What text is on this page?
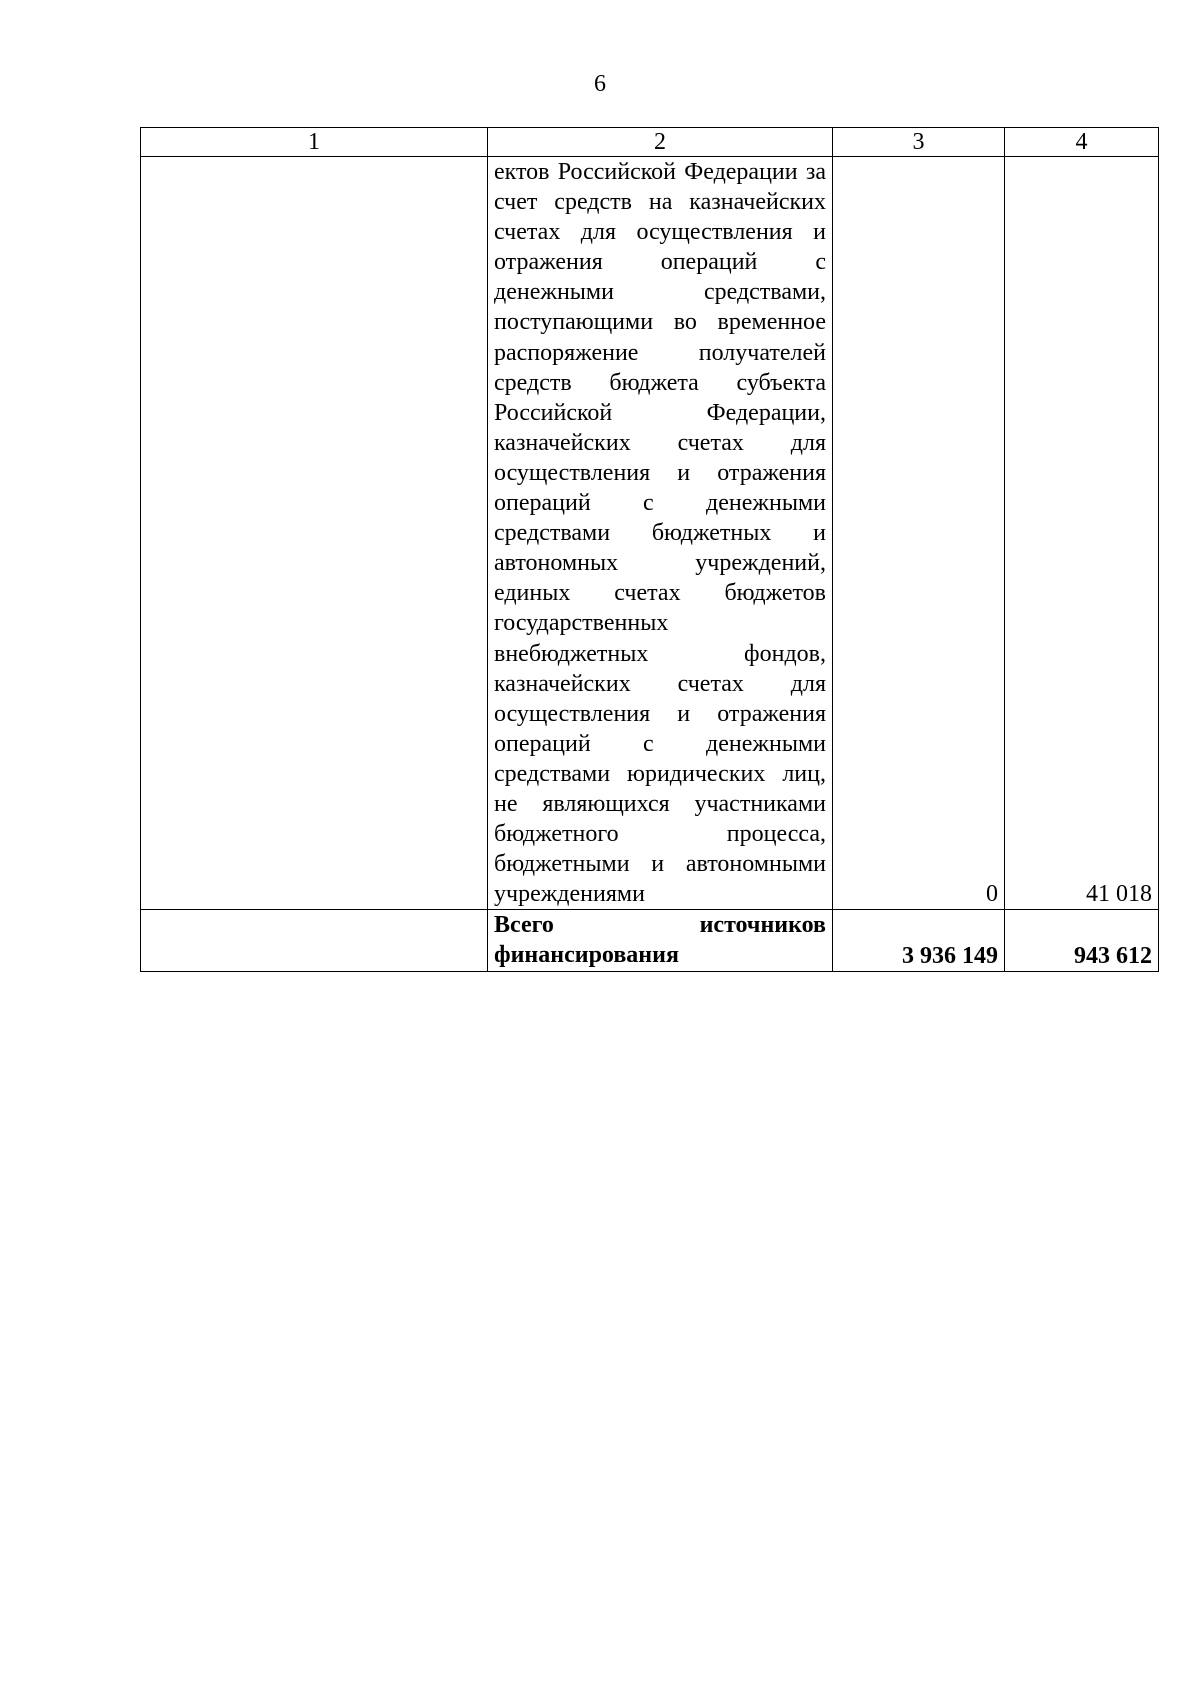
6
1	2	3	4
	ектов Российской Федерации за счет средств на казначейских счетах для осуществления и отражения операций с денежными средствами, поступающими во временное распоряжение получателей средств бюджета субъекта Российской Федерации, казначейских счетах для осуществления и отражения операций с денежными средствами бюджетных и автономных учреждений, единых счетах бюджетов государственных внебюджетных фондов, казначейских счетах для осуществления и отражения операций с денежными средствами юридических лиц, не являющихся участниками бюджетного процесса, бюджетными и автономными учреждениями	0	41 018
	Всего источников финансирования	3 936 149	943 612
